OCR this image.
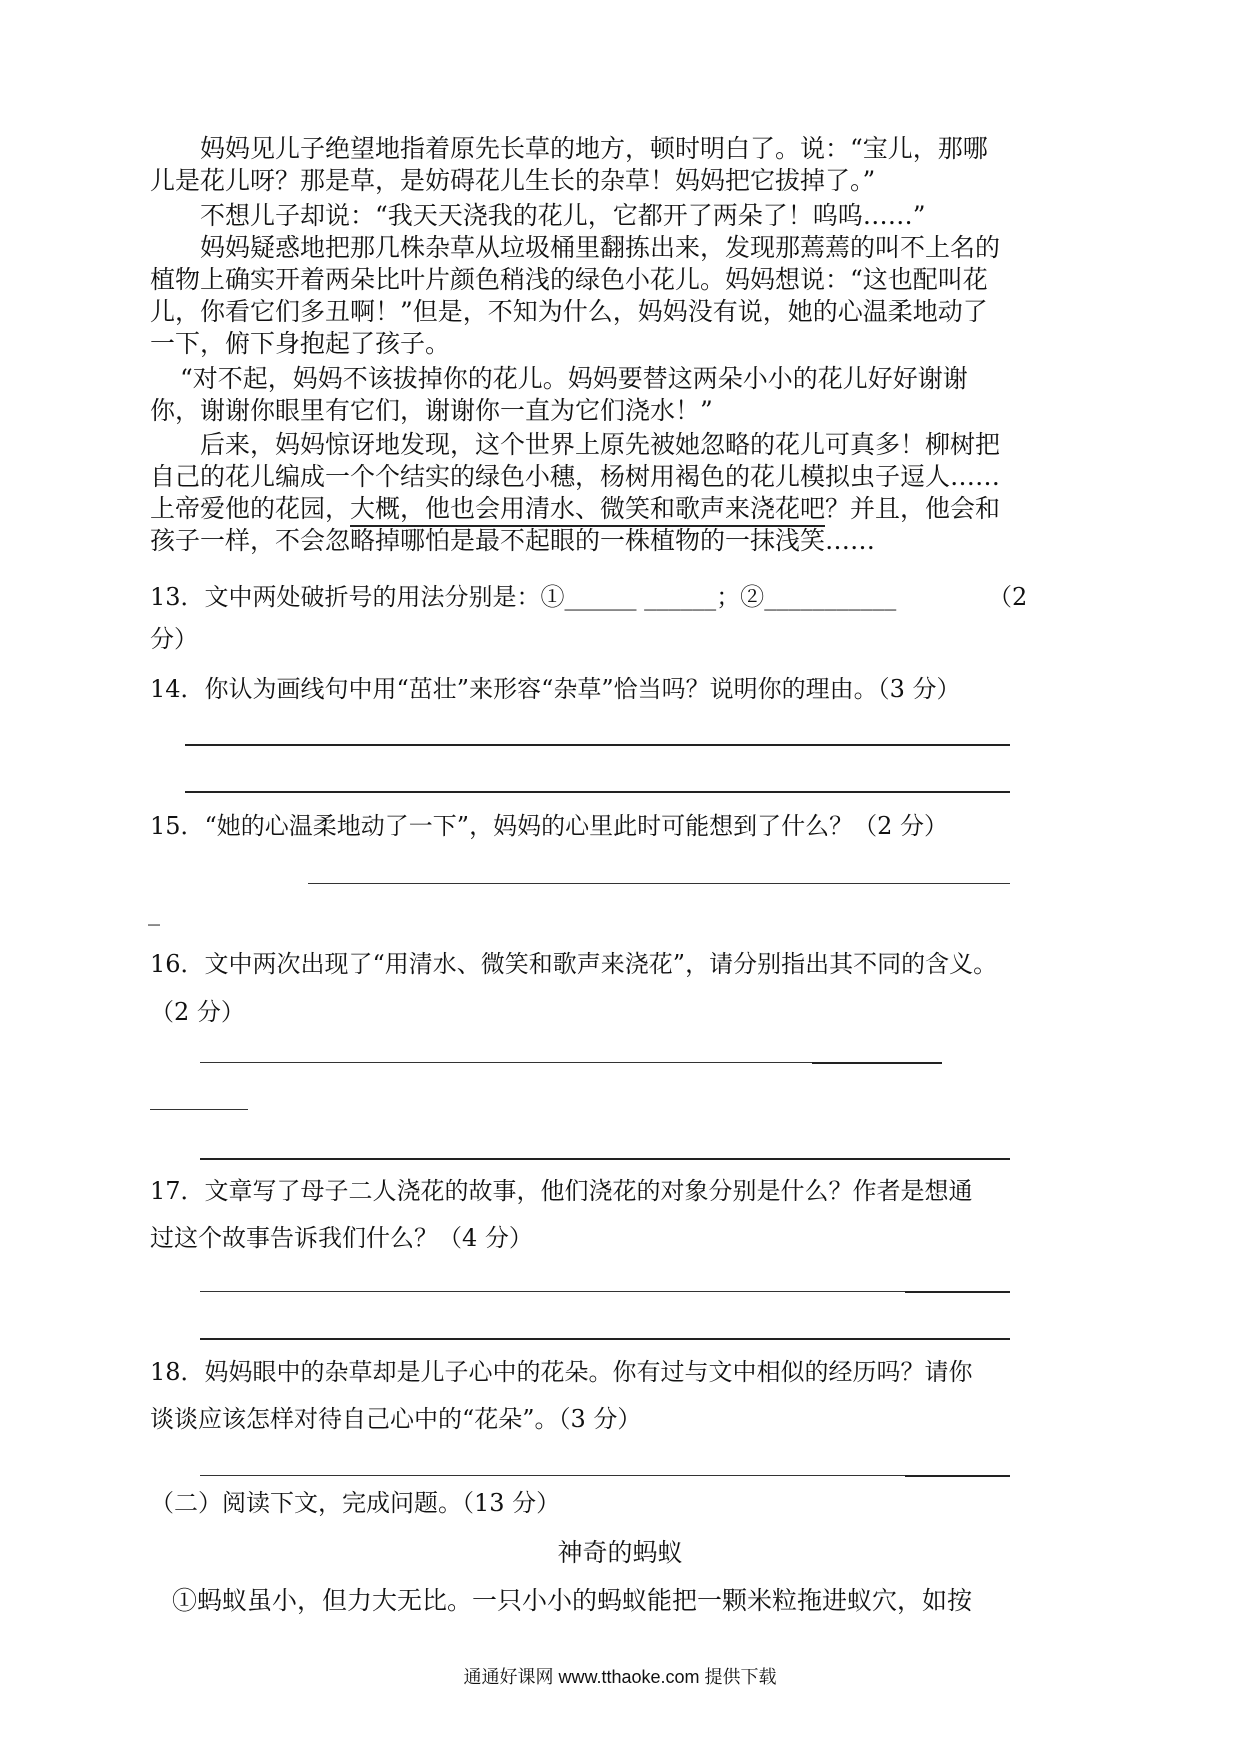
妈妈见儿子绝望地指着原先长草的地方，顿时明白了。说：“宝儿，那哪
儿是花儿呀？那是草，是妨碍花儿生长的杂草！妈妈把它拔掉了。”
不想儿子却说：“我天天浇我的花儿，它都开了两朵了！呜呜……”
妈妈疑惑地把那几株杂草从垃圾桶里翻拣出来，发现那蔫蔫的叫不上名的
植物上确实开着两朵比叶片颜色稍浅的绿色小花儿。妈妈想说：“这也配叫花
儿，你看它们多丑啊！”但是，不知为什么，妈妈没有说，她的心温柔地动了
一下，俯下身抱起了孩子。
“对不起，妈妈不该拔掉你的花儿。妈妈要替这两朵小小的花儿好好谢谢
你，谢谢你眼里有它们，谢谢你一直为它们浇水！”
后来，妈妈惊讶地发现，这个世界上原先被她忽略的花儿可真多！柳树把
自己的花儿编成一个个结实的绿色小穗，杨树用褐色的花儿模拟虫子逗人……
上帝爱他的花园，大概，他也会用清水、微笑和歌声来浇花吧？并且，他会和
孩子一样，不会忽略掉哪怕是最不起眼的一株植物的一抹浅笑……
13．文中两处破折号的用法分别是：①______ ______；②___________	（2
分）
14．你认为画线句中用“茁壮”来形容“杂草”恰当吗？说明你的理由。（3 分）
15．“她的心温柔地动了一下”，妈妈的心里此时可能想到了什么？（2 分）
_
16．文中两次出现了“用清水、微笑和歌声来浇花”，请分别指出其不同的含义。
（2 分）
17．文章写了母子二人浇花的故事，他们浇花的对象分别是什么？作者是想通
过这个故事告诉我们什么？（4 分）
18．妈妈眼中的杂草却是儿子心中的花朵。你有过与文中相似的经历吗？请你
谈谈应该怎样对待自己心中的“花朵”。（3 分）
（二）阅读下文，完成问题。（13 分）
神奇的蚂蚁
①蚂蚁虽小，但力大无比。一只小小的蚂蚁能把一颗米粒拖进蚁穴，如按
通通好课网 www.tthaoke.com 提供下载
